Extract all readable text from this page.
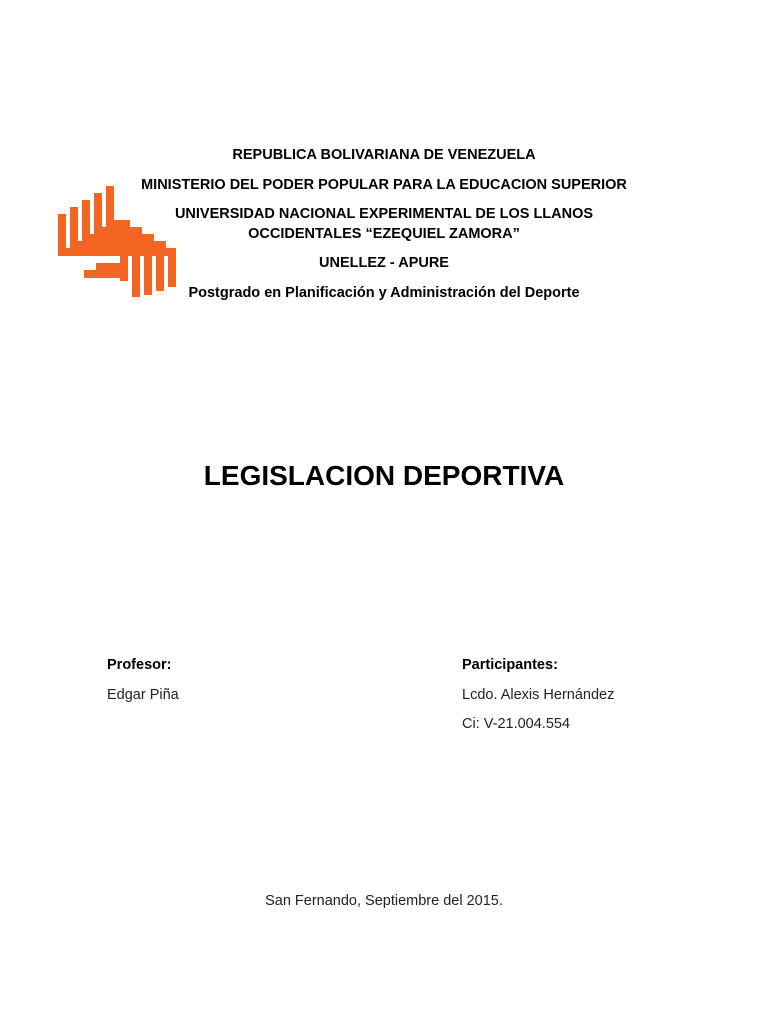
REPUBLICA BOLIVARIANA DE VENEZUELA
MINISTERIO DEL PODER POPULAR PARA LA EDUCACION SUPERIOR
UNIVERSIDAD NACIONAL EXPERIMENTAL DE LOS LLANOS
OCCIDENTALES “EZEQUIEL ZAMORA”
UNELLEZ - APURE
Postgrado en Planificación y Administración del Deporte
LEGISLACION DEPORTIVA
Profesor:
Edgar Piña
Participantes:
Lcdo. Alexis Hernández
Ci: V-21.004.554
San Fernando, Septiembre del 2015.
